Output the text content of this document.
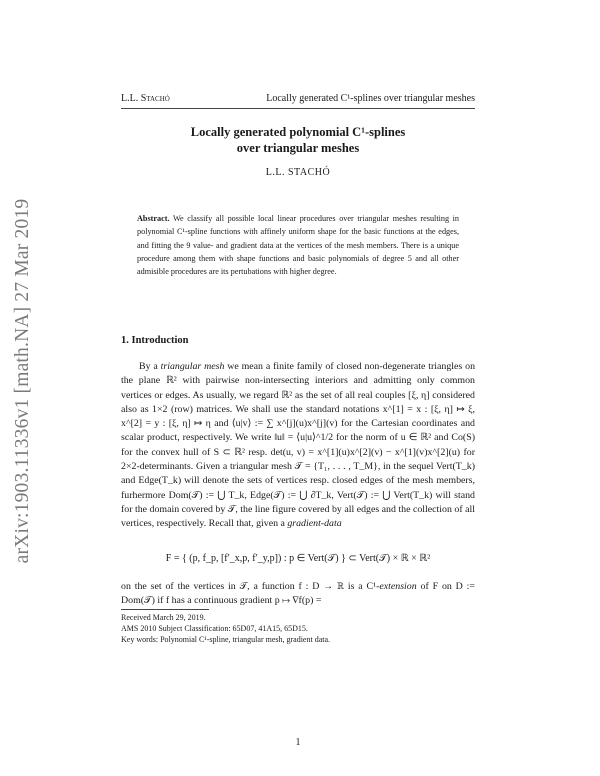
arXiv:1903.11336v1 [math.NA] 27 Mar 2019
L.L. Stachó	Locally generated C¹-splines over triangular meshes
Locally generated polynomial C¹-splines
over triangular meshes
L.L. STACHÓ
Abstract. We classify all possible local linear procedures over triangular meshes resulting in polynomial C¹-spline functions with affinely uniform shape for the basic functions at the edges, and fitting the 9 value- and gradient data at the vertices of the mesh members. There is a unique procedure among them with shape functions and basic polynomials of degree 5 and all other admisible procedures are its pertubations with higher degree.
1. Introduction

By a triangular mesh we mean a finite family of closed non-degenerate triangles on the plane ℝ² with pairwise non-intersecting interiors and admitting only common vertices or edges. As usually, we regard ℝ² as the set of all real couples [ξ, η] considered also as 1×2 (row) matrices. We shall use the standard notations x^[1] = x : [ξ, η] ↦ ξ, x^[2] = y : [ξ, η] ↦ η and ⟨u|v⟩ := ∑ x^[j](u)x^[j](v) for the Cartesian coordinates and scalar product, respectively. We write ‖u‖ = ⟨u|u⟩^1/2 for the norm of u ∈ ℝ² and Co(S) for the convex hull of S ⊂ ℝ² resp. det(u, v) = x^[1](u)x^[2](v) − x^[1](v)x^[2](u) for 2×2-determinants. Given a triangular mesh 𝒯 = {T₁, . . . , T_M}, in the sequel Vert(T_k) and Edge(T_k) will denote the sets of vertices resp. closed edges of the mesh members, furhermore Dom(𝒯) := ⋃ T_k, Edge(𝒯) := ⋃ ∂T_k, Vert(𝒯) := ⋃ Vert(T_k) will stand for the domain covered by 𝒯, the line figure covered by all edges and the collection of all vertices, respectively. Recall that, given a gradient-data

F = { (p, f_p, [f′_x,p, f′_y,p]) : p ∈ Vert(𝒯) } ⊂ Vert(𝒯) × ℝ × ℝ²
on the set of the vertices in 𝒯, a function f : D → ℝ is a C¹-extension of F on D := Dom(𝒯) if f has a continuous gradient p ↦ ∇f(p) =
Received March 29, 2019.
AMS 2010 Subject Classification: 65D07, 41A15, 65D15.
Key words: Polynomial C¹-spline, triangular mesh, gradient data.
1
